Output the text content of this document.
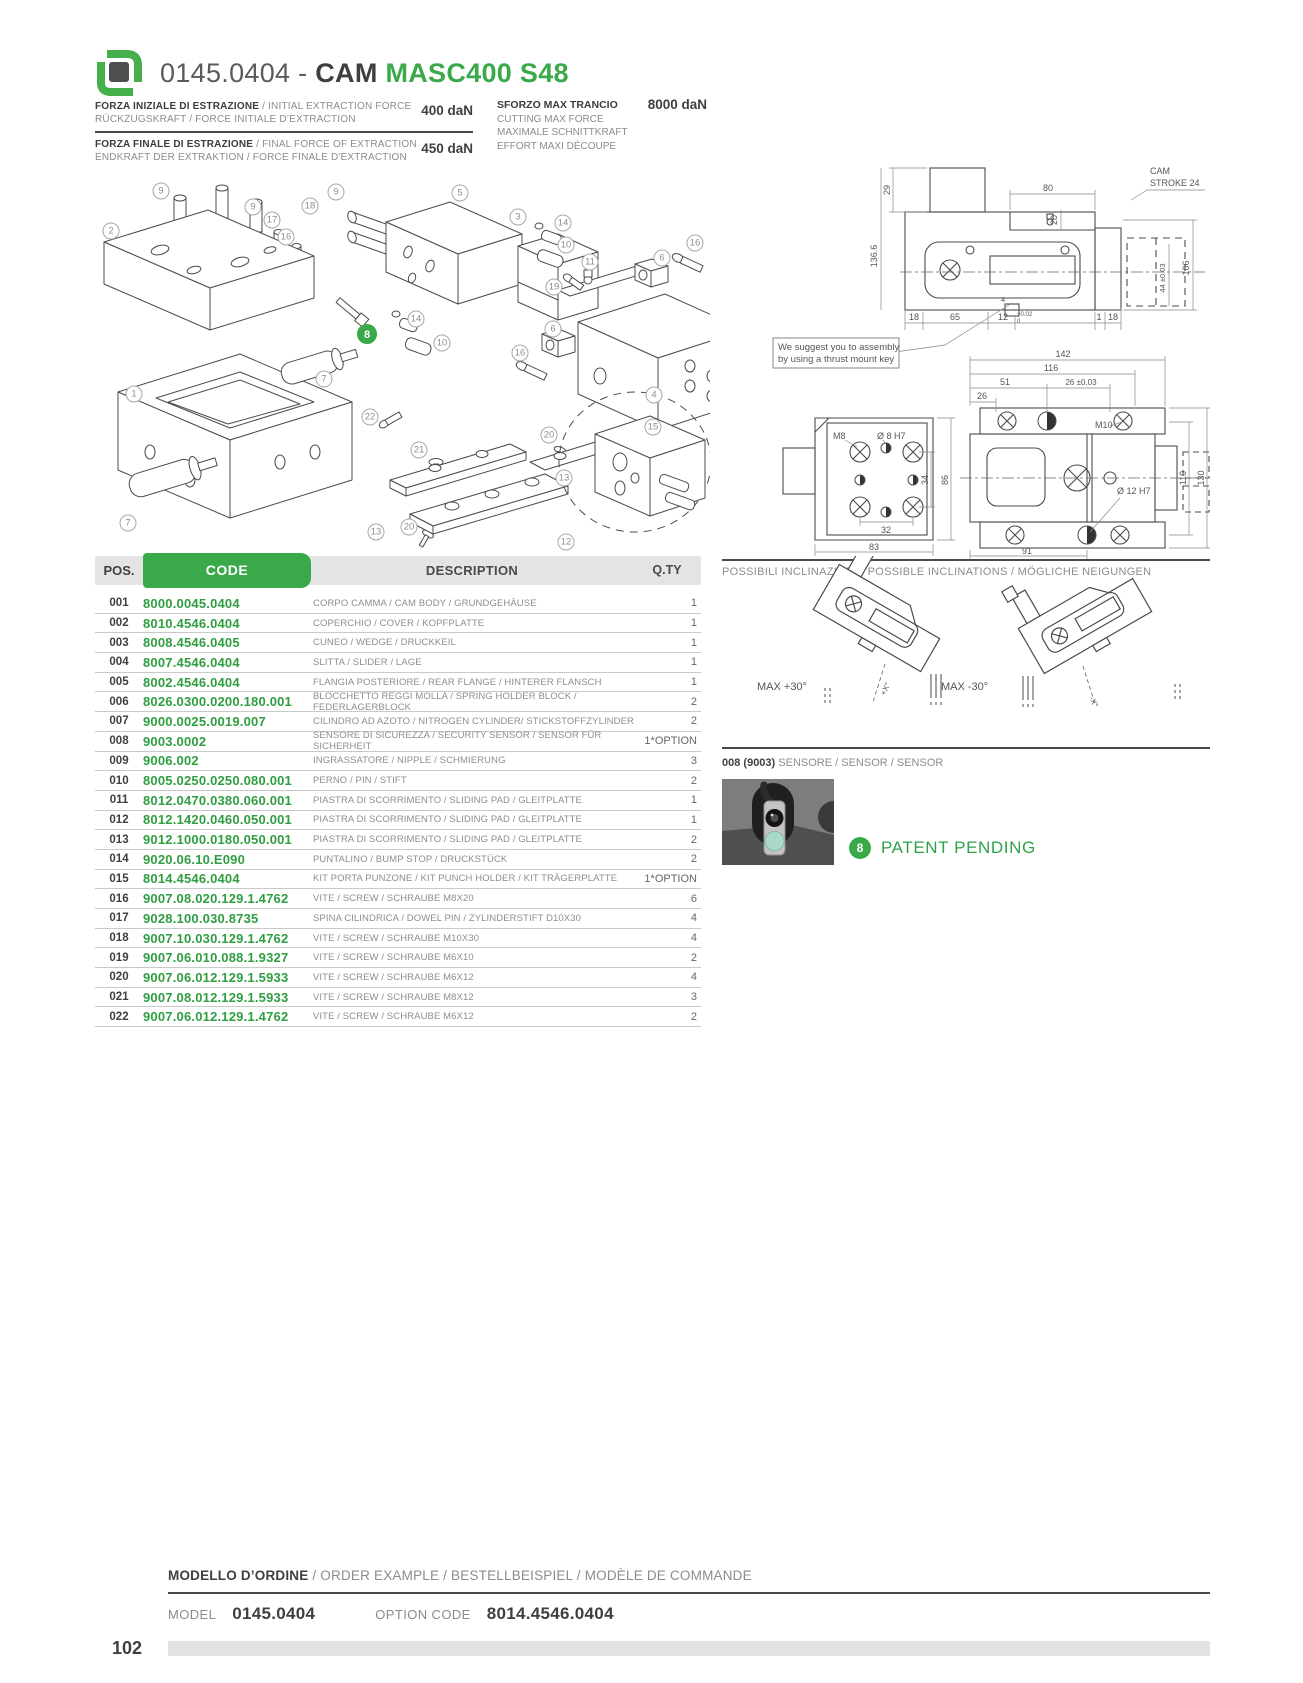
0145.0404 - CAM MASC400 S48
FORZA INIZIALE DI ESTRAZIONE / INITIAL EXTRACTION FORCE
RÜCKZUGSKRAFT / FORCE INITIALE D’EXTRACTION
400 daN
FORZA FINALE DI ESTRAZIONE / FINAL FORCE OF EXTRACTION
ENDKRAFT DER EXTRAKTION / FORCE FINALE D'EXTRACTION
450 daN
SFORZO MAX TRANCIO	8000 daN
CUTTING MAX FORCE
MAXIMALE SCHNITTKRAFT
EFFORT MAXI DÉCOUPE
9
2
9
17
16
18
9	5
3
14
10
11
19
6
16
14
10
8	6
16
4
15
7
1
22
21
20
13
20
13
12
7
80
29
136.6
20
CAM
STROKE 24
106
44 ±0.03
18	65	12 +0.02
0	1 18
4
We suggest you to assembly
by using a thrust mount key
M8	Ø 8 H7
34 86
32
83
142
116
51	26 ±0.03
26
M10
Ø 12 H7
110 130
91
POSSIBILI INCLINAZIONI / POSSIBLE INCLINATIONS / MÖGLICHE NEIGUNGEN
MAX +30°	MAX -30°
+X°
-X°
008 (9003) SENSORE / SENSOR / SENSOR
8	PATENT PENDING
POS.	CODE	DESCRIPTION	Q.TY
001	8000.0045.0404	CORPO CAMMA / CAM BODY / GRUNDGEHÄUSE	1
002	8010.4546.0404	COPERCHIO / COVER / KOPFPLATTE	1
003	8008.4546.0405	CUNEO / WEDGE / DRUCKKEIL	1
004	8007.4546.0404	SLITTA / SLIDER / LAGE	1
005	8002.4546.0404	FLANGIA POSTERIORE / REAR FLANGE / HINTERER FLANSCH	1
006	8026.0300.0200.180.001	BLOCCHETTO REGGI MOLLA / SPRING HOLDER BLOCK / FEDERLAGERBLOCK	2
007	9000.0025.0019.007	CILINDRO AD AZOTO / NITROGEN CYLINDER/ STICKSTOFFZYLINDER	2
008	9003.0002	SENSORE DI SICUREZZA / SECURITY SENSOR / SENSOR FÜR SICHERHEIT	1*OPTION
009	9006.002	INGRASSATORE / NIPPLE / SCHMIERUNG	3
010	8005.0250.0250.080.001	PERNO / PIN / STIFT	2
011	8012.0470.0380.060.001	PIASTRA DI SCORRIMENTO / SLIDING PAD / GLEITPLATTE	1
012	8012.1420.0460.050.001	PIASTRA DI SCORRIMENTO / SLIDING PAD / GLEITPLATTE	1
013	9012.1000.0180.050.001	PIASTRA DI SCORRIMENTO / SLIDING PAD / GLEITPLATTE	2
014	9020.06.10.E090	PUNTALINO / BUMP STOP / DRUCKSTÜCK	2
015	8014.4546.0404	KIT PORTA PUNZONE / KIT PUNCH HOLDER / KIT TRÄGERPLATTE	1*OPTION
016	9007.08.020.129.1.4762	VITE / SCREW / SCHRAUBE M8X20	6
017	9028.100.030.8735	SPINA CILINDRICA / DOWEL PIN / ZYLINDERSTIFT D10X30	4
018	9007.10.030.129.1.4762	VITE / SCREW / SCHRAUBE M10X30	4
019	9007.06.010.088.1.9327	VITE / SCREW / SCHRAUBE M6X10	2
020	9007.06.012.129.1.5933	VITE / SCREW / SCHRAUBE M6X12	4
021	9007.08.012.129.1.5933	VITE / SCREW / SCHRAUBE M8X12	3
022	9007.06.012.129.1.4762	VITE / SCREW / SCHRAUBE M6X12	2
MODELLO D’ORDINE / ORDER EXAMPLE / BESTELLBEISPIEL / MODÈLE DE COMMANDE
MODEL 0145.0404	OPTION CODE 8014.4546.0404
102
